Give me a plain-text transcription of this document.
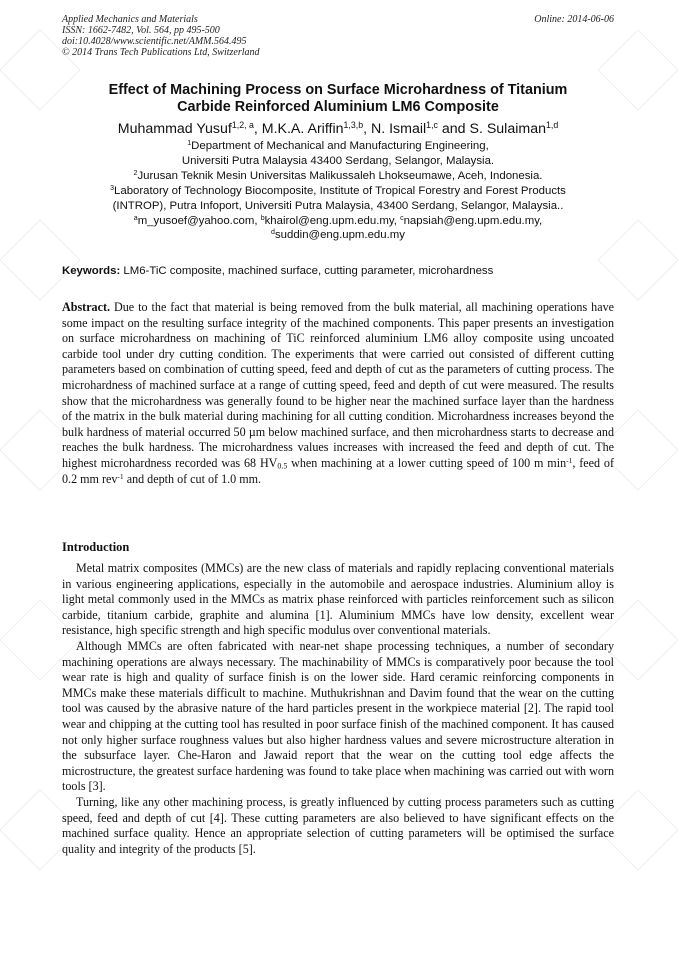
Applied Mechanics and Materials
ISSN: 1662-7482, Vol. 564, pp 495-500
doi:10.4028/www.scientific.net/AMM.564.495
© 2014 Trans Tech Publications Ltd, Switzerland
Online: 2014-06-06
Effect of Machining Process on Surface Microhardness of Titanium
Carbide Reinforced Aluminium LM6 Composite
Muhammad Yusuf$^{1,2, a}$, M.K.A. Ariffin$^{1,3,b}$, N. Ismail$^{1,c}$ and S. Sulaiman$^{1,d}$
$^1$Department of Mechanical and Manufacturing Engineering,
Universiti Putra Malaysia 43400 Serdang, Selangor, Malaysia.
$^2$Jurusan Teknik Mesin Universitas Malikussaleh Lhokseumawe, Aceh, Indonesia.
$^3$Laboratory of Technology Biocomposite, Institute of Tropical Forestry and Forest Products
(INTROP), Putra Infoport, Universiti Putra Malaysia, 43400 Serdang, Selangor, Malaysia..
$^a$m_yusoef@yahoo.com, $^b$khairol@eng.upm.edu.my, $^c$napsiah@eng.upm.edu.my,
$^d$suddin@eng.upm.edu.my
Keywords: LM6-TiC composite, machined surface, cutting parameter, microhardness
Abstract. Due to the fact that material is being removed from the bulk material, all machining operations have some impact on the resulting surface integrity of the machined components. This paper presents an investigation on surface microhardness on machining of TiC reinforced aluminium LM6 alloy composite using uncoated carbide tool under dry cutting condition. The experiments that were carried out consisted of different cutting parameters based on combination of cutting speed, feed and depth of cut as the parameters of cutting process. The microhardness of machined surface at a range of cutting speed, feed and depth of cut were measured. The results show that the microhardness was generally found to be higher near the machined surface layer than the hardness of the matrix in the bulk material during machining for all cutting condition. Microhardness increases beyond the bulk hardness of material occurred 50 µm below machined surface, and then microhardness starts to decrease and reaches the bulk hardness. The microhardness values increases with increased the feed and depth of cut. The highest microhardness recorded was 68 $HV_{0.5}$ when machining at a lower cutting speed of 100 m $\min^{-1}$, feed of 0.2 mm rev$^{-1}$ and depth of cut of 1.0 mm.
Introduction

Metal matrix composites (MMCs) are the new class of materials and rapidly replacing conventional materials in various engineering applications, especially in the automobile and aerospace industries. Aluminium alloy is light metal commonly used in the MMCs as matrix phase reinforced with particles reinforcement such as silicon carbide, titanium carbide, graphite and alumina [1]. Aluminium MMCs have low density, excellent wear resistance, high specific strength and high specific modulus over conventional materials.

Although MMCs are often fabricated with near-net shape processing techniques, a number of secondary machining operations are always necessary. The machinability of MMCs is comparatively poor because the tool wear rate is high and quality of surface finish is on the lower side. Hard ceramic reinforcing components in MMCs make these materials difficult to machine. Muthukrishnan and Davim found that the wear on the cutting tool was caused by the abrasive nature of the hard particles present in the workpiece material [2]. The rapid tool wear and chipping at the cutting tool has resulted in poor surface finish of the machined component. It has caused not only higher surface roughness values but also higher hardness values and severe microstructure alteration in the subsurface layer. Che-Haron and Jawaid report that the wear on the cutting tool edge affects the microstructure, the greatest surface hardening was found to take place when machining was carried out with worn tools [3].

Turning, like any other machining process, is greatly influenced by cutting process parameters such as cutting speed, feed and depth of cut [4]. These cutting parameters are also believed to have significant effects on the machined surface quality. Hence an appropriate selection of cutting parameters will be optimised the surface quality and integrity of the products [5].
